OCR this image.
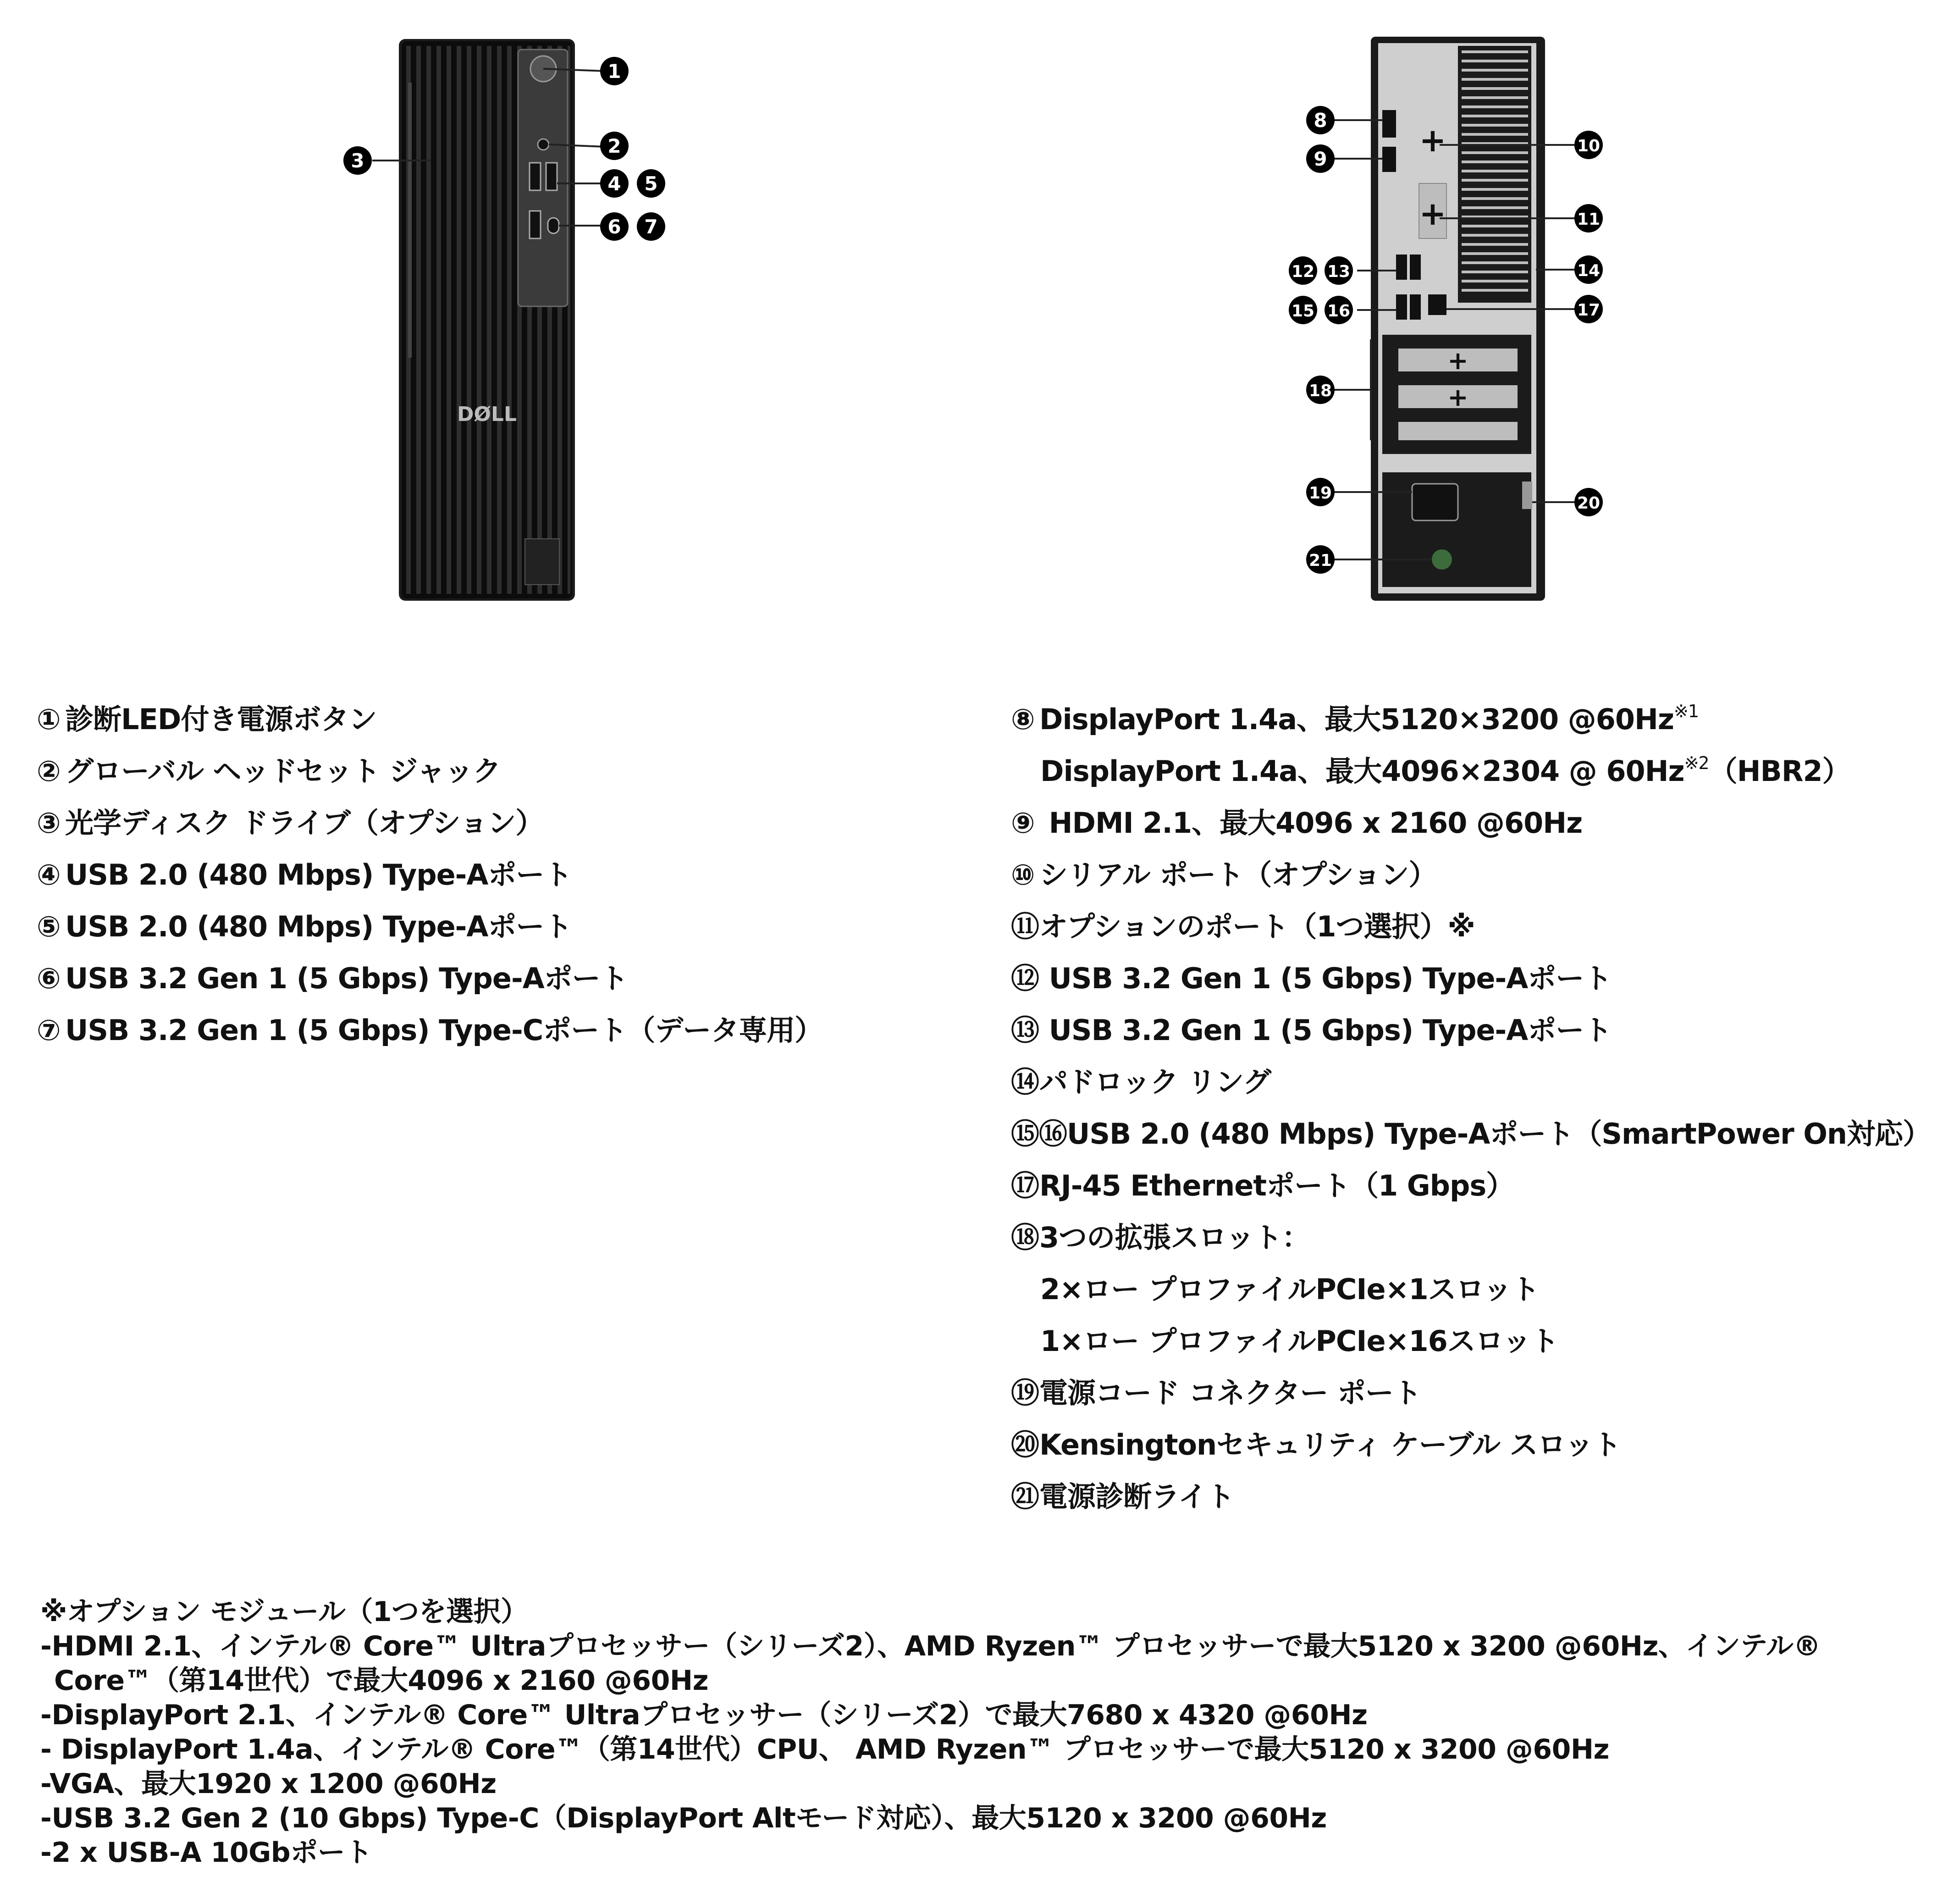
DØLL
1
2
3
4 5
6 7
+
+
+
+
8
9
10
11
12 13	14
15 16	17
18
19
20
21
① 診断LED付き電源ボタン
② グローバル ヘッドセット ジャック
③ 光学ディスク ドライブ（オプション）
④ USB 2.0 (480 Mbps) Type-Aポート
⑤ USB 2.0 (480 Mbps) Type-Aポート
⑥ USB 3.2 Gen 1 (5 Gbps) Type-Aポート
⑦ USB 3.2 Gen 1 (5 Gbps) Type-Cポート（データ専用）
⑧ DisplayPort 1.4a、最大5120×3200 @60Hz$^{※1}$
DisplayPort 1.4a、最大4096×2304 @ 60Hz$^{※2}$（HBR2）
⑨ HDMI 2.1、最大4096 x 2160 @60Hz
⑩ シリアル ポート（オプション）
⑪オプションのポート（1つ選択）※
⑫ USB 3.2 Gen 1 (5 Gbps) Type-Aポート
⑬ USB 3.2 Gen 1 (5 Gbps) Type-Aポート
⑭パドロック リング
⑮⑯USB 2.0 (480 Mbps) Type-Aポート（SmartPower On対応）
⑰RJ-45 Ethernetポート（1 Gbps）
⑱3つの拡張スロット：
2×ロー プロファイルPCIe×1スロット
1×ロー プロファイルPCIe×16スロット
⑲電源コード コネクター ポート
⑳Kensingtonセキュリティ ケーブル スロット
㉑電源診断ライト
※オプション モジュール（1つを選択）
-HDMI 2.1、インテル® Core™ Ultraプロセッサー（シリーズ2）、AMD Ryzen™ プロセッサーで最大5120 x 3200 @60Hz、インテル®
Core™（第14世代）で最大4096 x 2160 @60Hz
-DisplayPort 2.1、インテル® Core™ Ultraプロセッサー（シリーズ2）で最大7680 x 4320 @60Hz
- DisplayPort 1.4a、インテル® Core™（第14世代）CPU、 AMD Ryzen™ プロセッサーで最大5120 x 3200 @60Hz
-VGA、最大1920 x 1200 @60Hz
-USB 3.2 Gen 2 (10 Gbps) Type-C（DisplayPort Altモード対応）、最大5120 x 3200 @60Hz
-2 x USB-A 10Gbポート
